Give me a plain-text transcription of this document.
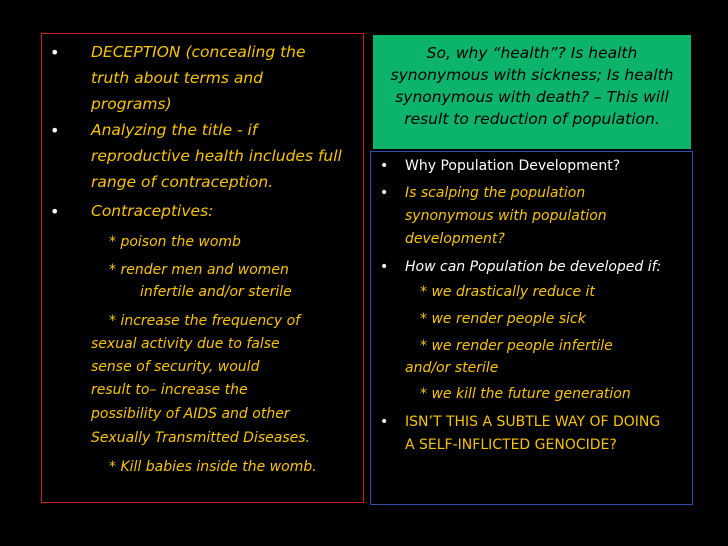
• DECEPTION (concealing the
truth about terms and
programs)
• Analyzing the title - if
reproductive health includes full
range of contraception.
• Contraceptives:
* poison the womb
* render men and women
infertile and/or sterile
* increase the frequency of
sexual activity due to false
sense of security, would
result to– increase the
possibility of AIDS and other
Sexually Transmitted Diseases.
* Kill babies inside the womb.
So, why “health”? Is health
synonymous with sickness; Is health
synonymous with death? – This will
result to reduction of population.
• Why Population Development?
• Is scalping the population
synonymous with population
development?
• How can Population be developed if:
* we drastically reduce it
* we render people sick
* we render people infertile
and/or sterile
* we kill the future generation
• ISN’T THIS A SUBTLE WAY OF DOING
A SELF-INFLICTED GENOCIDE?
